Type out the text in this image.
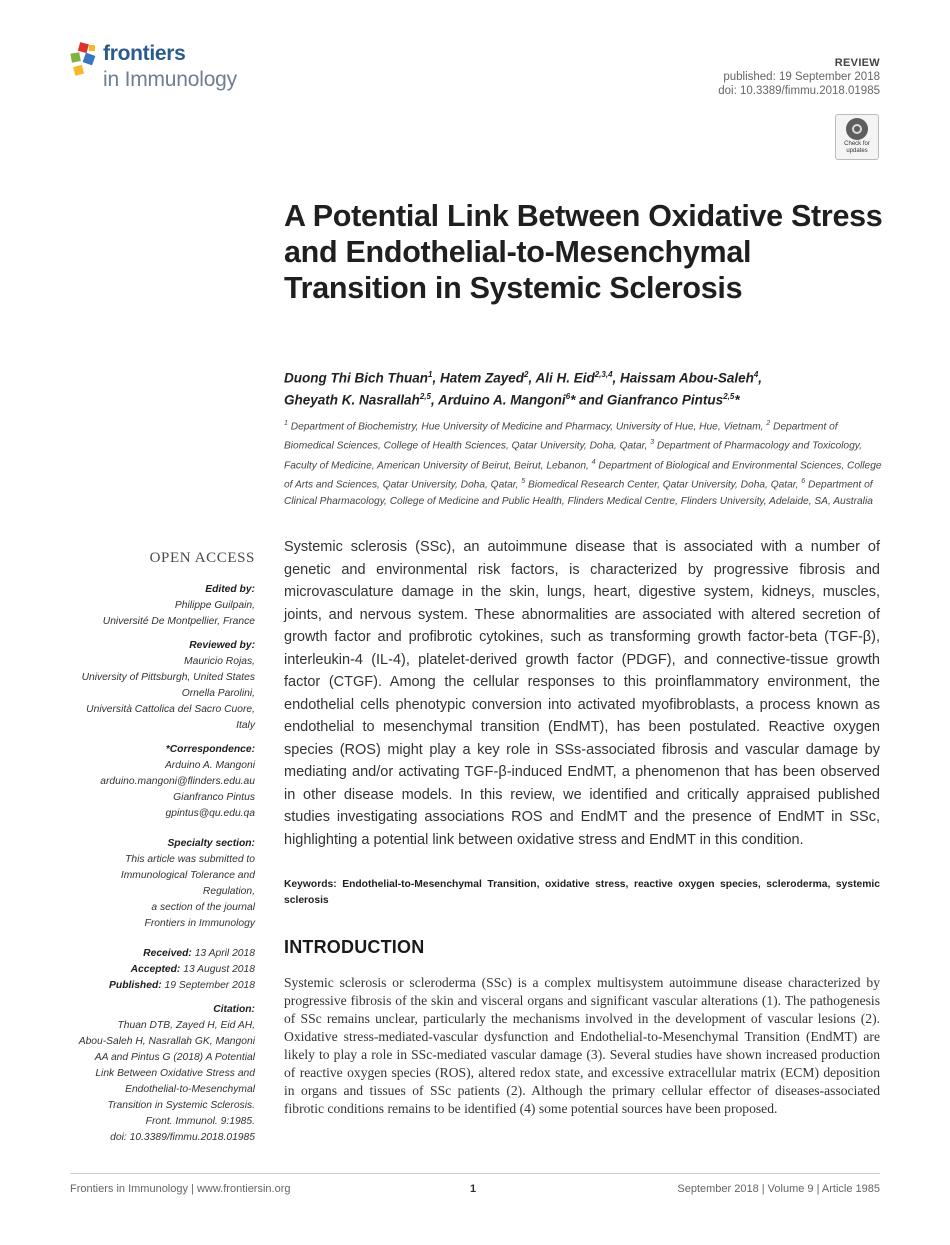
frontiers
in Immunology
REVIEW
published: 19 September 2018
doi: 10.3389/fimmu.2018.01985
Check for
updates
A Potential Link Between Oxidative Stress and Endothelial-to-Mesenchymal Transition in Systemic Sclerosis
Duong Thi Bich Thuan$^1$, Hatem Zayed$^2$, Ali H. Eid$^{2,3,4}$, Haissam Abou-Saleh$^4$,
Gheyath K. Nasrallah$^{2,5}$, Arduino A. Mangoni$^6$* and Gianfranco Pintus$^{2,5}$*
$^1$ Department of Biochemistry, Hue University of Medicine and Pharmacy, University of Hue, Hue, Vietnam, $^2$ Department of Biomedical Sciences, College of Health Sciences, Qatar University, Doha, Qatar, $^3$ Department of Pharmacology and Toxicology, Faculty of Medicine, American University of Beirut, Beirut, Lebanon, $^4$ Department of Biological and Environmental Sciences, College of Arts and Sciences, Qatar University, Doha, Qatar, $^5$ Biomedical Research Center, Qatar University, Doha, Qatar, $^6$ Department of Clinical Pharmacology, College of Medicine and Public Health, Flinders Medical Centre, Flinders University, Adelaide, SA, Australia
OPEN ACCESS
Edited by:
Philippe Guilpain,
Université De Montpellier, France
Reviewed by:
Mauricio Rojas,
University of Pittsburgh, United States
Ornella Parolini,
Università Cattolica del Sacro Cuore,
Italy
*Correspondence:
Arduino A. Mangoni
arduino.mangoni@flinders.edu.au
Gianfranco Pintus
gpintus@qu.edu.qa
Specialty section:
This article was submitted to
Immunological Tolerance and
Regulation,
a section of the journal
Frontiers in Immunology
Received: 13 April 2018
Accepted: 13 August 2018
Published: 19 September 2018
Citation:
Thuan DTB, Zayed H, Eid AH,
Abou-Saleh H, Nasrallah GK, Mangoni
AA and Pintus G (2018) A Potential
Link Between Oxidative Stress and
Endothelial-to-Mesenchymal
Transition in Systemic Sclerosis.
Front. Immunol. 9:1985.
doi: 10.3389/fimmu.2018.01985
Systemic sclerosis (SSc), an autoimmune disease that is associated with a number of genetic and environmental risk factors, is characterized by progressive fibrosis and microvasculature damage in the skin, lungs, heart, digestive system, kidneys, muscles, joints, and nervous system. These abnormalities are associated with altered secretion of growth factor and profibrotic cytokines, such as transforming growth factor-beta (TGF-β), interleukin-4 (IL-4), platelet-derived growth factor (PDGF), and connective-tissue growth factor (CTGF). Among the cellular responses to this proinflammatory environment, the endothelial cells phenotypic conversion into activated myofibroblasts, a process known as endothelial to mesenchymal transition (EndMT), has been postulated. Reactive oxygen species (ROS) might play a key role in SSs-associated fibrosis and vascular damage by mediating and/or activating TGF-β-induced EndMT, a phenomenon that has been observed in other disease models. In this review, we identified and critically appraised published studies investigating associations ROS and EndMT and the presence of EndMT in SSc, highlighting a potential link between oxidative stress and EndMT in this condition.
Keywords: Endothelial-to-Mesenchymal Transition, oxidative stress, reactive oxygen species, scleroderma, systemic sclerosis
INTRODUCTION
Systemic sclerosis or scleroderma (SSc) is a complex multisystem autoimmune disease characterized by progressive fibrosis of the skin and visceral organs and significant vascular alterations (1). The pathogenesis of SSc remains unclear, particularly the mechanisms involved in the development of vascular lesions (2). Oxidative stress-mediated-vascular dysfunction and Endothelial-to-Mesenchymal Transition (EndMT) are likely to play a role in SSc-mediated vascular damage (3). Several studies have shown increased production of reactive oxygen species (ROS), altered redox state, and excessive extracellular matrix (ECM) deposition in organs and tissues of SSc patients (2). Although the primary cellular effector of diseases-associated fibrotic conditions remains to be identified (4) some potential sources have been proposed.
Frontiers in Immunology | www.frontiersin.org	1	September 2018 | Volume 9 | Article 1985
